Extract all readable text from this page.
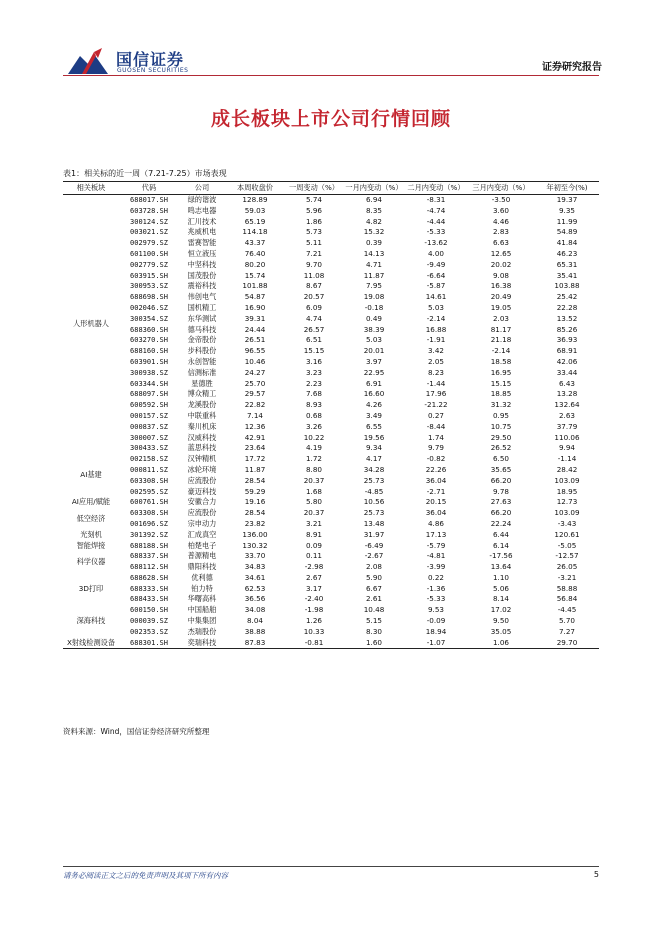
国信证券
GUOSEN SECURITIES	证券研究报告
成长板块上市公司行情回顾
表1：相关标的近一周（7.21-7.25）市场表现
相关板块	代码	公司	本周收盘价	一周变动（%）	一月内变动（%）	二月内变动（%）	三月内变动（%）	年初至今(%)
人形机器人	688017.SH	绿的谐波	128.89	5.74	6.94	-8.31	-3.50	19.37
	603728.SH	鸣志电器	59.03	5.96	8.35	-4.74	3.60	9.35
	300124.SZ	汇川技术	65.19	1.86	4.82	-4.44	4.46	11.99
	003021.SZ	兆威机电	114.18	5.73	15.32	-5.33	2.83	54.89
	002979.SZ	雷赛智能	43.37	5.11	0.39	-13.62	6.63	41.84
	601100.SH	恒立液压	76.40	7.21	14.13	4.00	12.65	46.23
	002779.SZ	中坚科技	80.20	9.70	4.71	-9.49	20.02	65.31
	603915.SH	国茂股份	15.74	11.08	11.87	-6.64	9.08	35.41
	300953.SZ	震裕科技	101.88	8.67	7.95	-5.87	16.38	103.88
	688698.SH	伟创电气	54.87	20.57	19.08	14.61	20.49	25.42
	002046.SZ	国机精工	16.90	6.09	-0.18	5.03	19.05	22.28
	300354.SZ	东华测试	39.31	4.74	0.49	-2.14	2.03	13.52
	688360.SH	德马科技	24.44	26.57	38.39	16.88	81.17	85.26
	603270.SH	金帝股份	26.51	6.51	5.03	-1.91	21.18	36.93
	688160.SH	步科股份	96.55	15.15	20.01	3.42	-2.14	68.91
	603901.SH	永创智能	10.46	3.16	3.97	2.05	18.58	42.06
	300938.SZ	信测标准	24.27	3.23	22.95	8.23	16.95	33.44
	603344.SH	星德胜	25.70	2.23	6.91	-1.44	15.15	6.43
	688097.SH	博众精工	29.57	7.68	16.60	17.96	18.85	13.28
	600592.SH	龙溪股份	22.82	8.93	4.26	-21.22	31.32	132.64
	000157.SZ	中联重科	7.14	0.68	3.49	0.27	0.95	2.63
	000837.SZ	秦川机床	12.36	3.26	6.55	-8.44	10.75	37.79
	300007.SZ	汉威科技	42.91	10.22	19.56	1.74	29.50	110.06
	300433.SZ	蓝思科技	23.64	4.19	9.34	9.79	26.52	9.94
AI基建	002158.SZ	汉钟精机	17.72	1.72	4.17	-0.82	6.50	-1.14
	000811.SZ	冰轮环境	11.87	8.80	34.28	22.26	35.65	28.42
	603308.SH	应流股份	28.54	20.37	25.73	36.04	66.20	103.09
	002595.SZ	豪迈科技	59.29	1.68	-4.85	-2.71	9.78	18.95
AI应用/赋能	600761.SH	安徽合力	19.16	5.80	10.56	20.15	27.63	12.73
低空经济	603308.SH	应流股份	28.54	20.37	25.73	36.04	66.20	103.09
	001696.SZ	宗申动力	23.82	3.21	13.48	4.86	22.24	-3.43
光刻机	301392.SZ	汇成真空	136.00	8.91	31.97	17.13	6.44	120.61
智能焊接	688188.SH	柏楚电子	130.32	0.09	-6.49	-5.79	6.14	-5.05
科学仪器	688337.SH	普源精电	33.70	0.11	-2.67	-4.81	-17.56	-12.57
	688112.SH	鼎阳科技	34.83	-2.98	2.08	-3.99	13.64	26.05
3D打印	688628.SH	优利德	34.61	2.67	5.90	0.22	1.10	-3.21
	688333.SH	铂力特	62.53	3.17	6.67	-1.36	5.06	58.88
	688433.SH	华曙高科	36.56	-2.40	2.61	-5.33	8.14	56.84
深海科技	600150.SH	中国船舶	34.08	-1.98	10.48	9.53	17.02	-4.45
	000039.SZ	中集集团	8.04	1.26	5.15	-0.09	9.50	5.70
	002353.SZ	杰瑞股份	38.88	10.33	8.30	18.94	35.05	7.27
X射线检测设备	688301.SH	奕瑞科技	87.83	-0.81	1.60	-1.07	1.06	29.70
资料来源：Wind，国信证券经济研究所整理
请务必阅读正文之后的免责声明及其项下所有内容	5
